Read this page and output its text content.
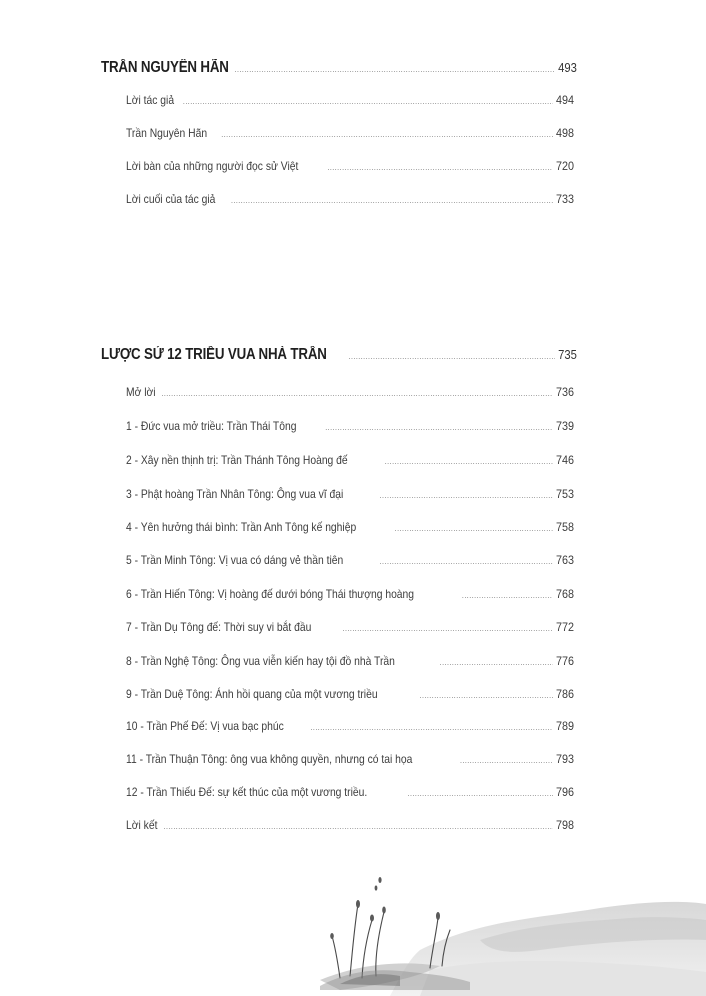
TRẦN NGUYÊN HÃN .....	493
Lời tác giả .....	494
Trần Nguyên Hãn .....	498
Lời bàn của những người đọc sử Việt .....	720
Lời cuối của tác giả .....	733
LƯỢC SỬ 12 TRIỀU VUA NHÀ TRẦN .....	735
Mở lời .....	736
1 - Đức vua mở triều: Trần Thái Tông .....	739
2 - Xây nền thịnh trị: Trần Thánh Tông Hoàng đế .....	746
3 - Phật hoàng Trần Nhân Tông: Ông vua vĩ đại .....	753
4 - Yên hưởng thái bình: Trần Anh Tông kế nghiệp .....	758
5 - Trần Minh Tông: Vị vua có dáng vẻ thần tiên .....	763
6 - Trần Hiến Tông: Vị hoàng đế dưới bóng Thái thượng hoàng .....	768
7 - Trần Dụ Tông đế: Thời suy vi bắt đầu .....	772
8 - Trần Nghệ Tông: Ông vua viễn kiến hay tội đồ nhà Trần .....	776
9 - Trần Duệ Tông: Ánh hồi quang của một vương triều .....	786
10 - Trần Phế Đế: Vị vua bạc phúc .....	789
11 - Trần Thuận Tông: ông vua không quyền, nhưng có tai họa .....	793
12 - Trần Thiếu Đế: sự kết thúc của một vương triều. .....	796
Lời kết .....	798
